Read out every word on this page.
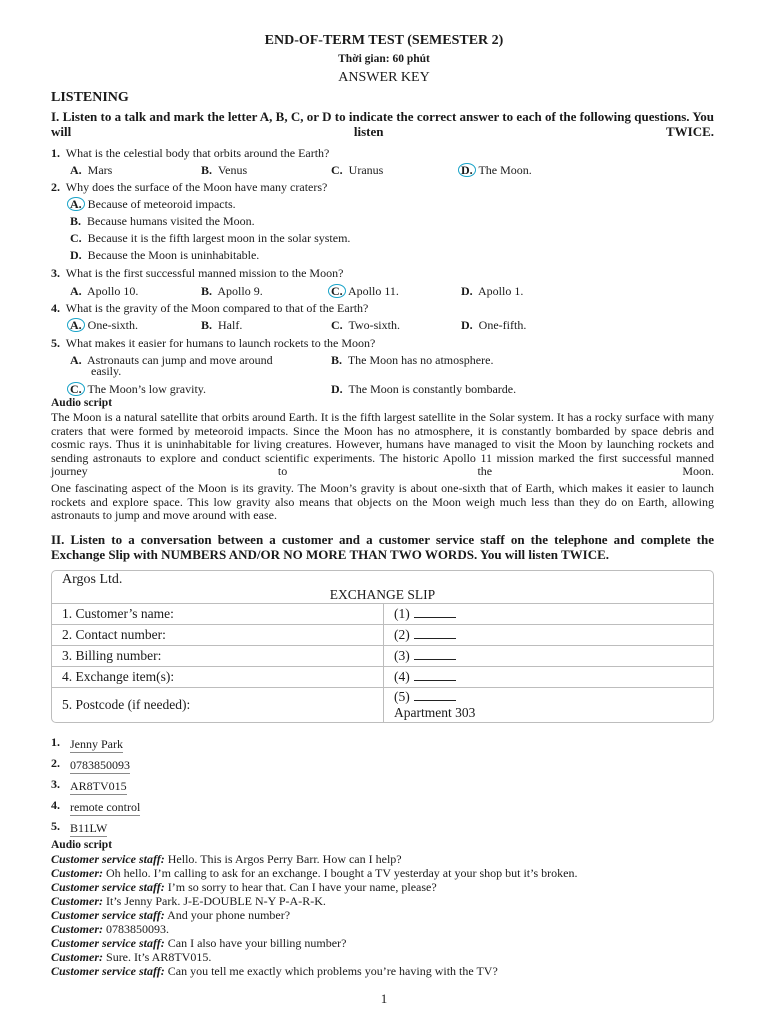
END-OF-TERM TEST (SEMESTER 2)
Thời gian: 60 phút
ANSWER KEY
LISTENING
I. Listen to a talk and mark the letter A, B, C, or D to indicate the correct answer to each of the following questions. You will listen TWICE.
1. What is the celestial body that orbits around the Earth?
A. Mars	B. Venus	C. Uranus	D. The Moon.
2. Why does the surface of the Moon have many craters?
A. Because of meteoroid impacts.
B. Because humans visited the Moon.
C. Because it is the fifth largest moon in the solar system.
D. Because the Moon is uninhabitable.
3. What is the first successful manned mission to the Moon?
A. Apollo 10.	B. Apollo 9.	C. Apollo 11.	D. Apollo 1.
4. What is the gravity of the Moon compared to that of the Earth?
A. One-sixth.	B. Half.	C. Two-sixth.	D. One-fifth.
5. What makes it easier for humans to launch rockets to the Moon?
A. Astronauts can jump and move around
easily.
B. The Moon has no atmosphere.
C. The Moon’s low gravity.	D. The Moon is constantly bombarde.
Audio script
The Moon is a natural satellite that orbits around Earth. It is the fifth largest satellite in the Solar system. It has a rocky surface with many craters that were formed by meteoroid impacts. Since the Moon has no atmosphere, it is constantly bombarded by space debris and cosmic rays. Thus it is uninhabitable for living creatures. However, humans have managed to visit the Moon by launching rockets and sending astronauts to explore and conduct scientific experiments. The historic Apollo 11 mission marked the first successful manned journey to the Moon.
One fascinating aspect of the Moon is its gravity. The Moon’s gravity is about one-sixth that of Earth, which makes it easier to launch rockets and explore space. This low gravity also means that objects on the Moon weigh much less than they do on Earth, allowing astronauts to jump and move around with ease.
II. Listen to a conversation between a customer and a customer service staff on the telephone and complete the Exchange Slip with NUMBERS AND/OR NO MORE THAN TWO WORDS. You will listen TWICE.
Argos Ltd.
EXCHANGE SLIP	

1. Customer’s name:	(1)
2. Contact number:	(2)
3. Billing number:	(3)
4. Exchange item(s):	(4)
5. Postcode (if needed):	(5)
Apartment 303
1. Jenny Park
2. 0783850093
3. AR8TV015
4. remote control
5. B11LW
Audio script
Customer service staff: Hello. This is Argos Perry Barr. How can I help?
Customer: Oh hello. I’m calling to ask for an exchange. I bought a TV yesterday at your shop but it’s broken.
Customer service staff: I’m so sorry to hear that. Can I have your name, please?
Customer: It’s Jenny Park. J-E-DOUBLE N-Y P-A-R-K.
Customer service staff: And your phone number?
Customer: 0783850093.
Customer service staff: Can I also have your billing number?
Customer: Sure. It’s AR8TV015.
Customer service staff: Can you tell me exactly which problems you’re having with the TV?
1
